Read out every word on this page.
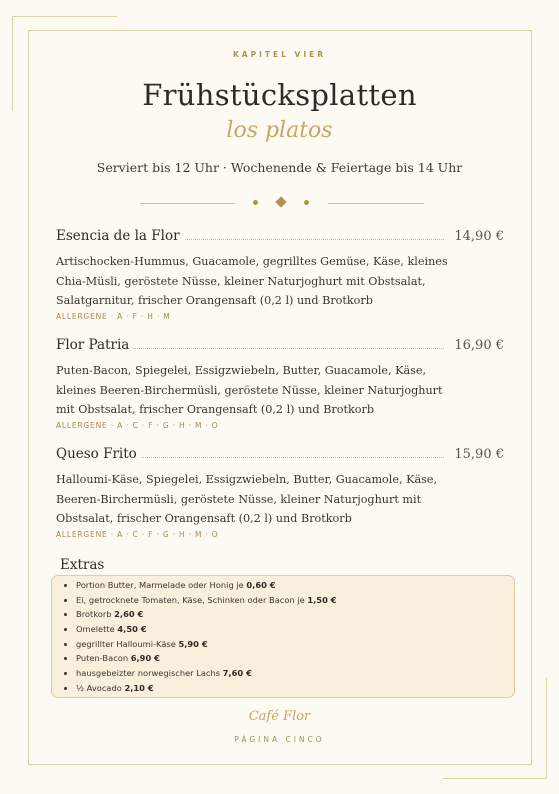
KAPITEL VIER
Frühstücksplatten
los platos
Serviert bis 12 Uhr · Wochenende & Feiertage bis 14 Uhr
Esencia de la Flor	14,90 €
Artischocken-Hummus, Guacamole, gegrilltes Gemüse, Käse, kleines Chia-Müsli, geröstete Nüsse, kleiner Naturjoghurt mit Obstsalat, Salatgarnitur, frischer Orangensaft (0,2 l) und Brotkorb
ALLERGENE · A · F · H · M
Flor Patria	16,90 €
Puten-Bacon, Spiegelei, Essigzwiebeln, Butter, Guacamole, Käse, kleines Beeren-Birchermüsli, geröstete Nüsse, kleiner Naturjoghurt mit Obstsalat, frischer Orangensaft (0,2 l) und Brotkorb
ALLERGENE · A · C · F · G · H · M · O
Queso Frito	15,90 €
Halloumi-Käse, Spiegelei, Essigzwiebeln, Butter, Guacamole, Käse, Beeren-Birchermüsli, geröstete Nüsse, kleiner Naturjoghurt mit Obstsalat, frischer Orangensaft (0,2 l) und Brotkorb
ALLERGENE · A · C · F · G · H · M · O
Extras
• Portion Butter, Marmelade oder Honig je 0,60 €
• Ei, getrocknete Tomaten, Käse, Schinken oder Bacon je 1,50 €
• Brotkorb 2,60 €
• Omelette 4,50 €
• gegrillter Halloumi-Käse 5,90 €
• Puten-Bacon 6,90 €
• hausgebeizter norwegischer Lachs 7,60 €
• ½ Avocado 2,10 €
Café Flor
PÁGINA CINCO
